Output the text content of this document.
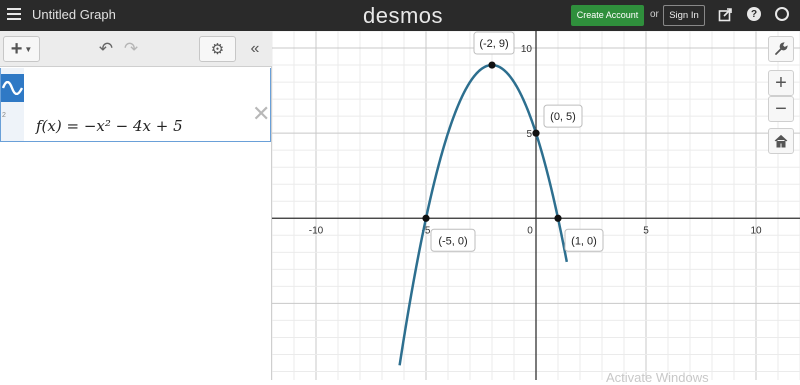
Untitled Graph	desmos	Create Account	or	Sign In	?
+ ▼	↶ ↷	⚙	«
2
f(x) = −x² − 4x + 5	✕
-10	-5	0	5	10
5
10
(-2, 9)
(0, 5)
(-5, 0)	(1, 0)
+
−
Activate Windows
